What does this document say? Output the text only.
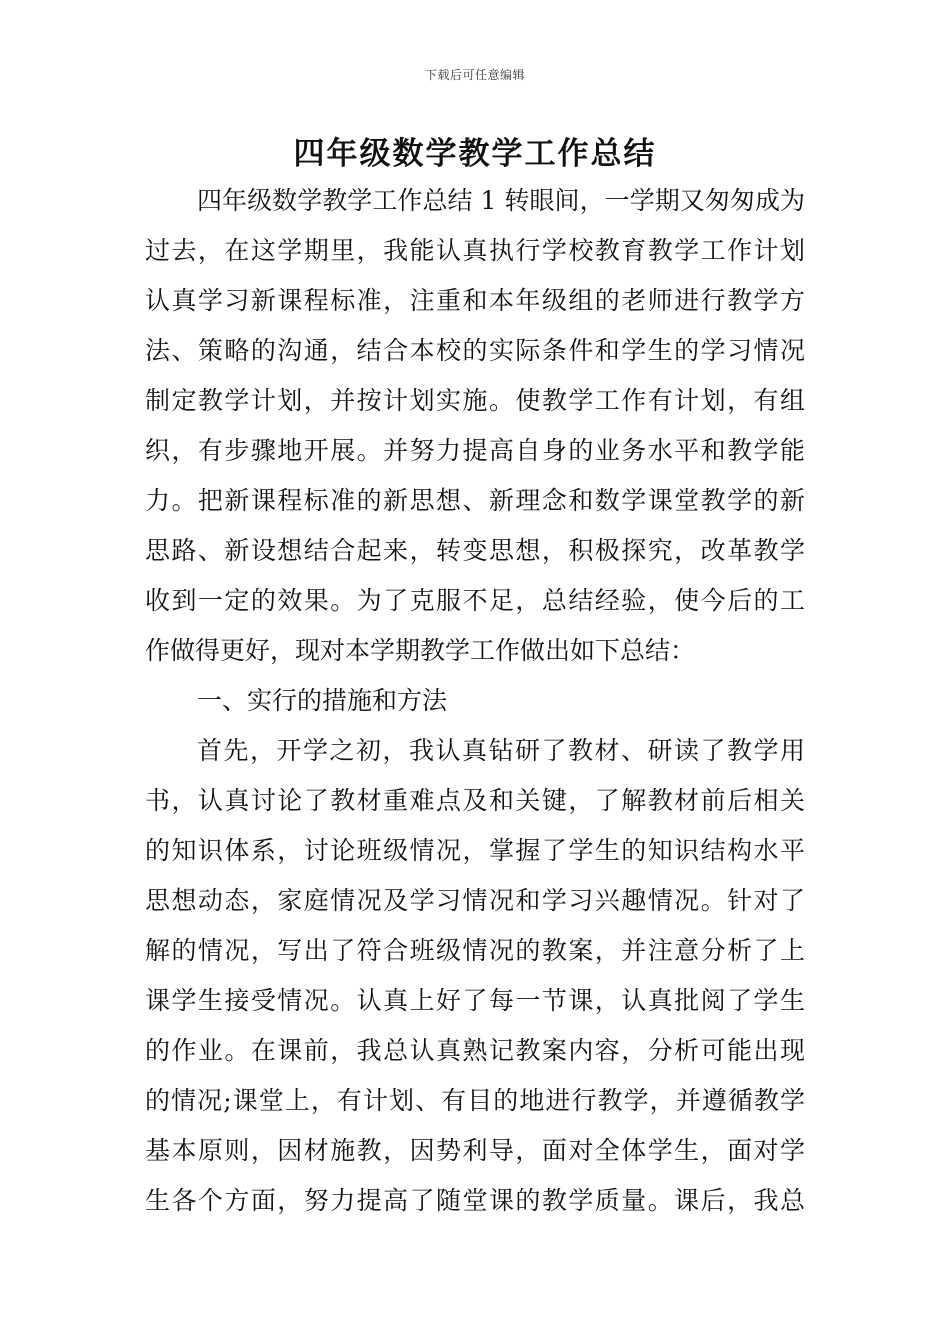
下载后可任意编辑
四年级数学教学工作总结
四年级数学教学工作总结 1 转眼间，一学期又匆匆成为
过去，在这学期里，我能认真执行学校教育教学工作计划
认真学习新课程标准，注重和本年级组的老师进行教学方
法、策略的沟通，结合本校的实际条件和学生的学习情况
制定教学计划，并按计划实施。使教学工作有计划，有组
织，有步骤地开展。并努力提高自身的业务水平和教学能
力。把新课程标准的新思想、新理念和数学课堂教学的新
思路、新设想结合起来，转变思想，积极探究，改革教学
收到一定的效果。为了克服不足，总结经验，使今后的工
作做得更好，现对本学期教学工作做出如下总结：
一、实行的措施和方法
首先，开学之初，我认真钻研了教材、研读了教学用
书，认真讨论了教材重难点及和关键，了解教材前后相关
的知识体系，讨论班级情况，掌握了学生的知识结构水平
思想动态，家庭情况及学习情况和学习兴趣情况。针对了
解的情况，写出了符合班级情况的教案，并注意分析了上
课学生接受情况。认真上好了每一节课，认真批阅了学生
的作业。在课前，我总认真熟记教案内容，分析可能出现
的情况;课堂上，有计划、有目的地进行教学，并遵循教学
基本原则，因材施教，因势利导，面对全体学生，面对学
生各个方面，努力提高了随堂课的教学质量。课后，我总
